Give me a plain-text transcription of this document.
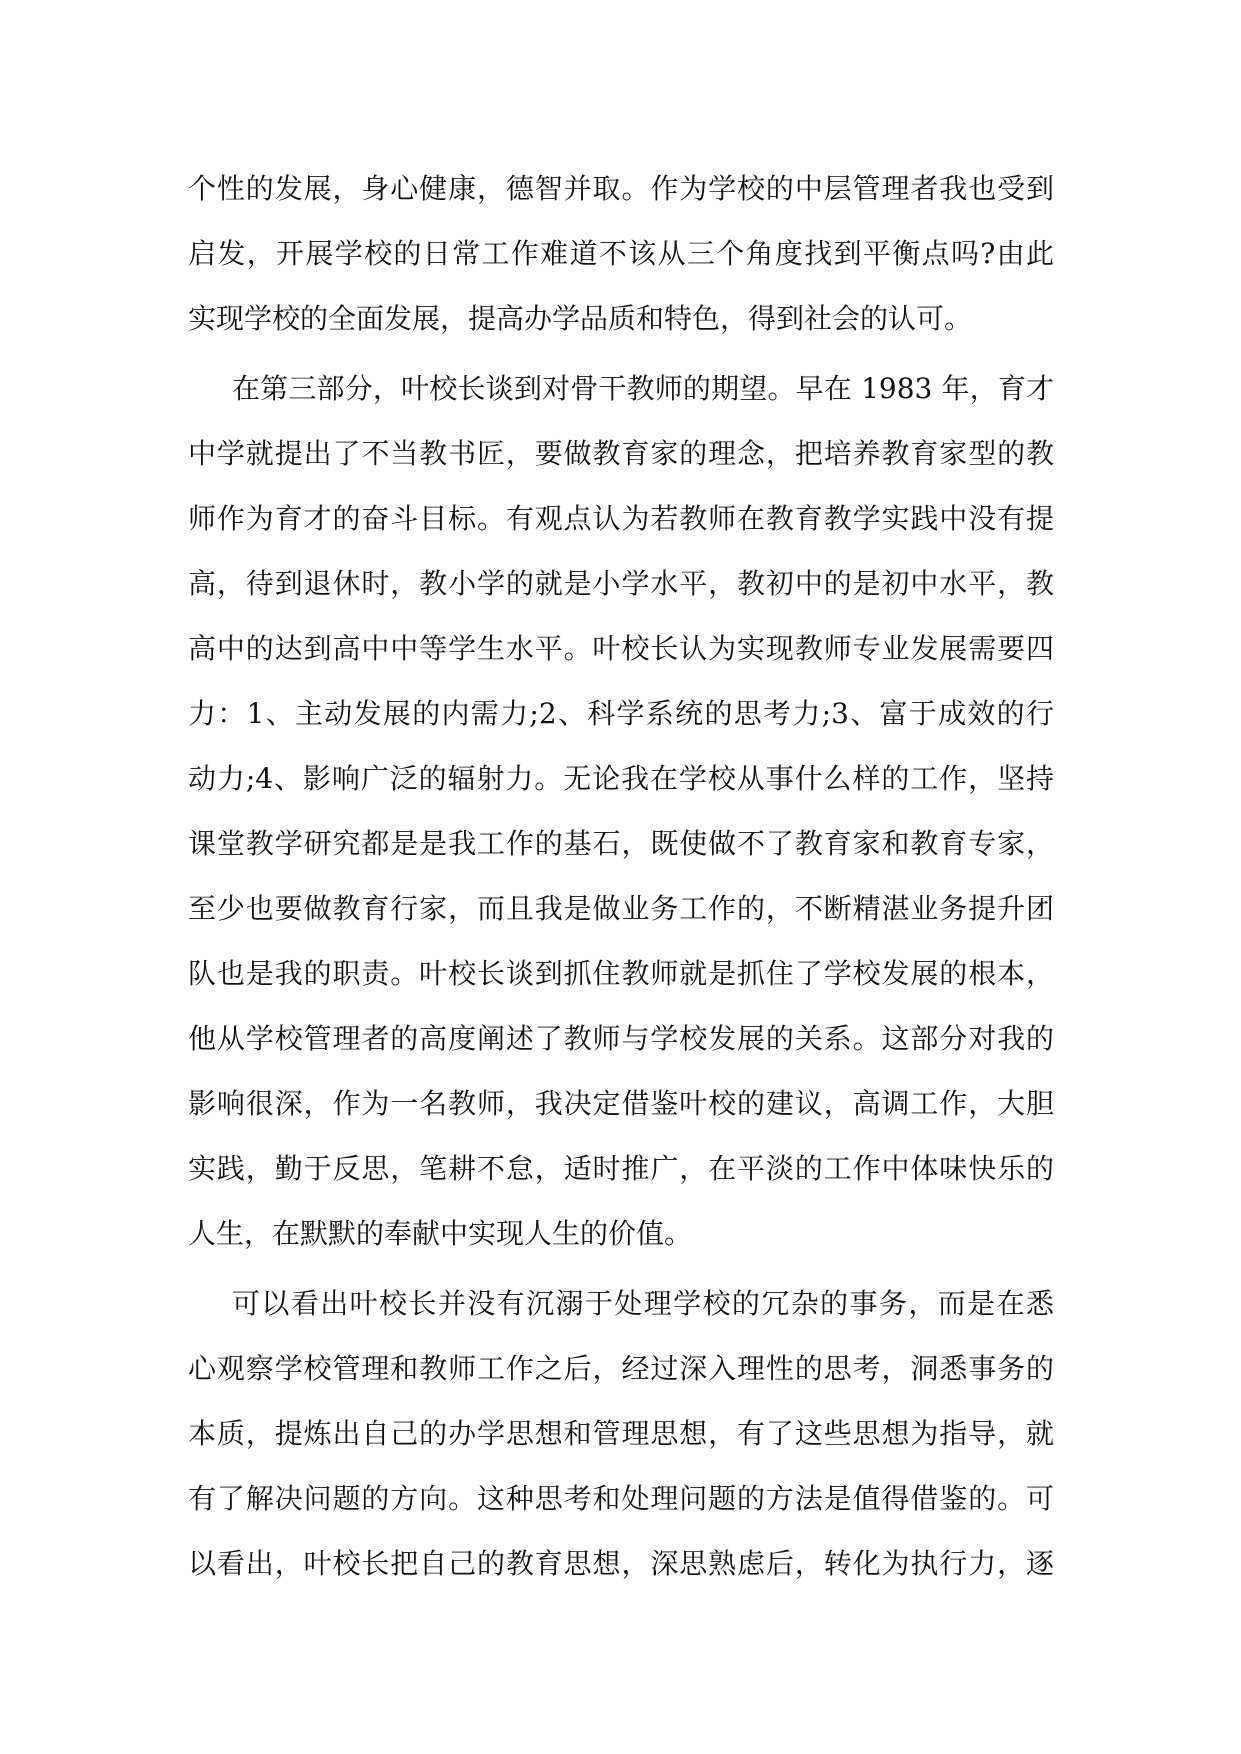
个性的发展，身心健康，德智并取。作为学校的中层管理者我也受到
启发，开展学校的日常工作难道不该从三个角度找到平衡点吗?由此
实现学校的全面发展，提高办学品质和特色，得到社会的认可。
在第三部分，叶校长谈到对骨干教师的期望。早在 1983 年，育才
中学就提出了不当教书匠，要做教育家的理念，把培养教育家型的教
师作为育才的奋斗目标。有观点认为若教师在教育教学实践中没有提
高，待到退休时，教小学的就是小学水平，教初中的是初中水平，教
高中的达到高中中等学生水平。叶校长认为实现教师专业发展需要四
力：1、主动发展的内需力;2、科学系统的思考力;3、富于成效的行
动力;4、影响广泛的辐射力。无论我在学校从事什么样的工作，坚持
课堂教学研究都是是我工作的基石，既使做不了教育家和教育专家，
至少也要做教育行家，而且我是做业务工作的，不断精湛业务提升团
队也是我的职责。叶校长谈到抓住教师就是抓住了学校发展的根本，
他从学校管理者的高度阐述了教师与学校发展的关系。这部分对我的
影响很深，作为一名教师，我决定借鉴叶校的建议，高调工作，大胆
实践，勤于反思，笔耕不怠，适时推广，在平淡的工作中体味快乐的
人生，在默默的奉献中实现人生的价值。
可以看出叶校长并没有沉溺于处理学校的冗杂的事务，而是在悉
心观察学校管理和教师工作之后，经过深入理性的思考，洞悉事务的
本质，提炼出自己的办学思想和管理思想，有了这些思想为指导，就
有了解决问题的方向。这种思考和处理问题的方法是值得借鉴的。可
以看出，叶校长把自己的教育思想，深思熟虑后，转化为执行力，逐
